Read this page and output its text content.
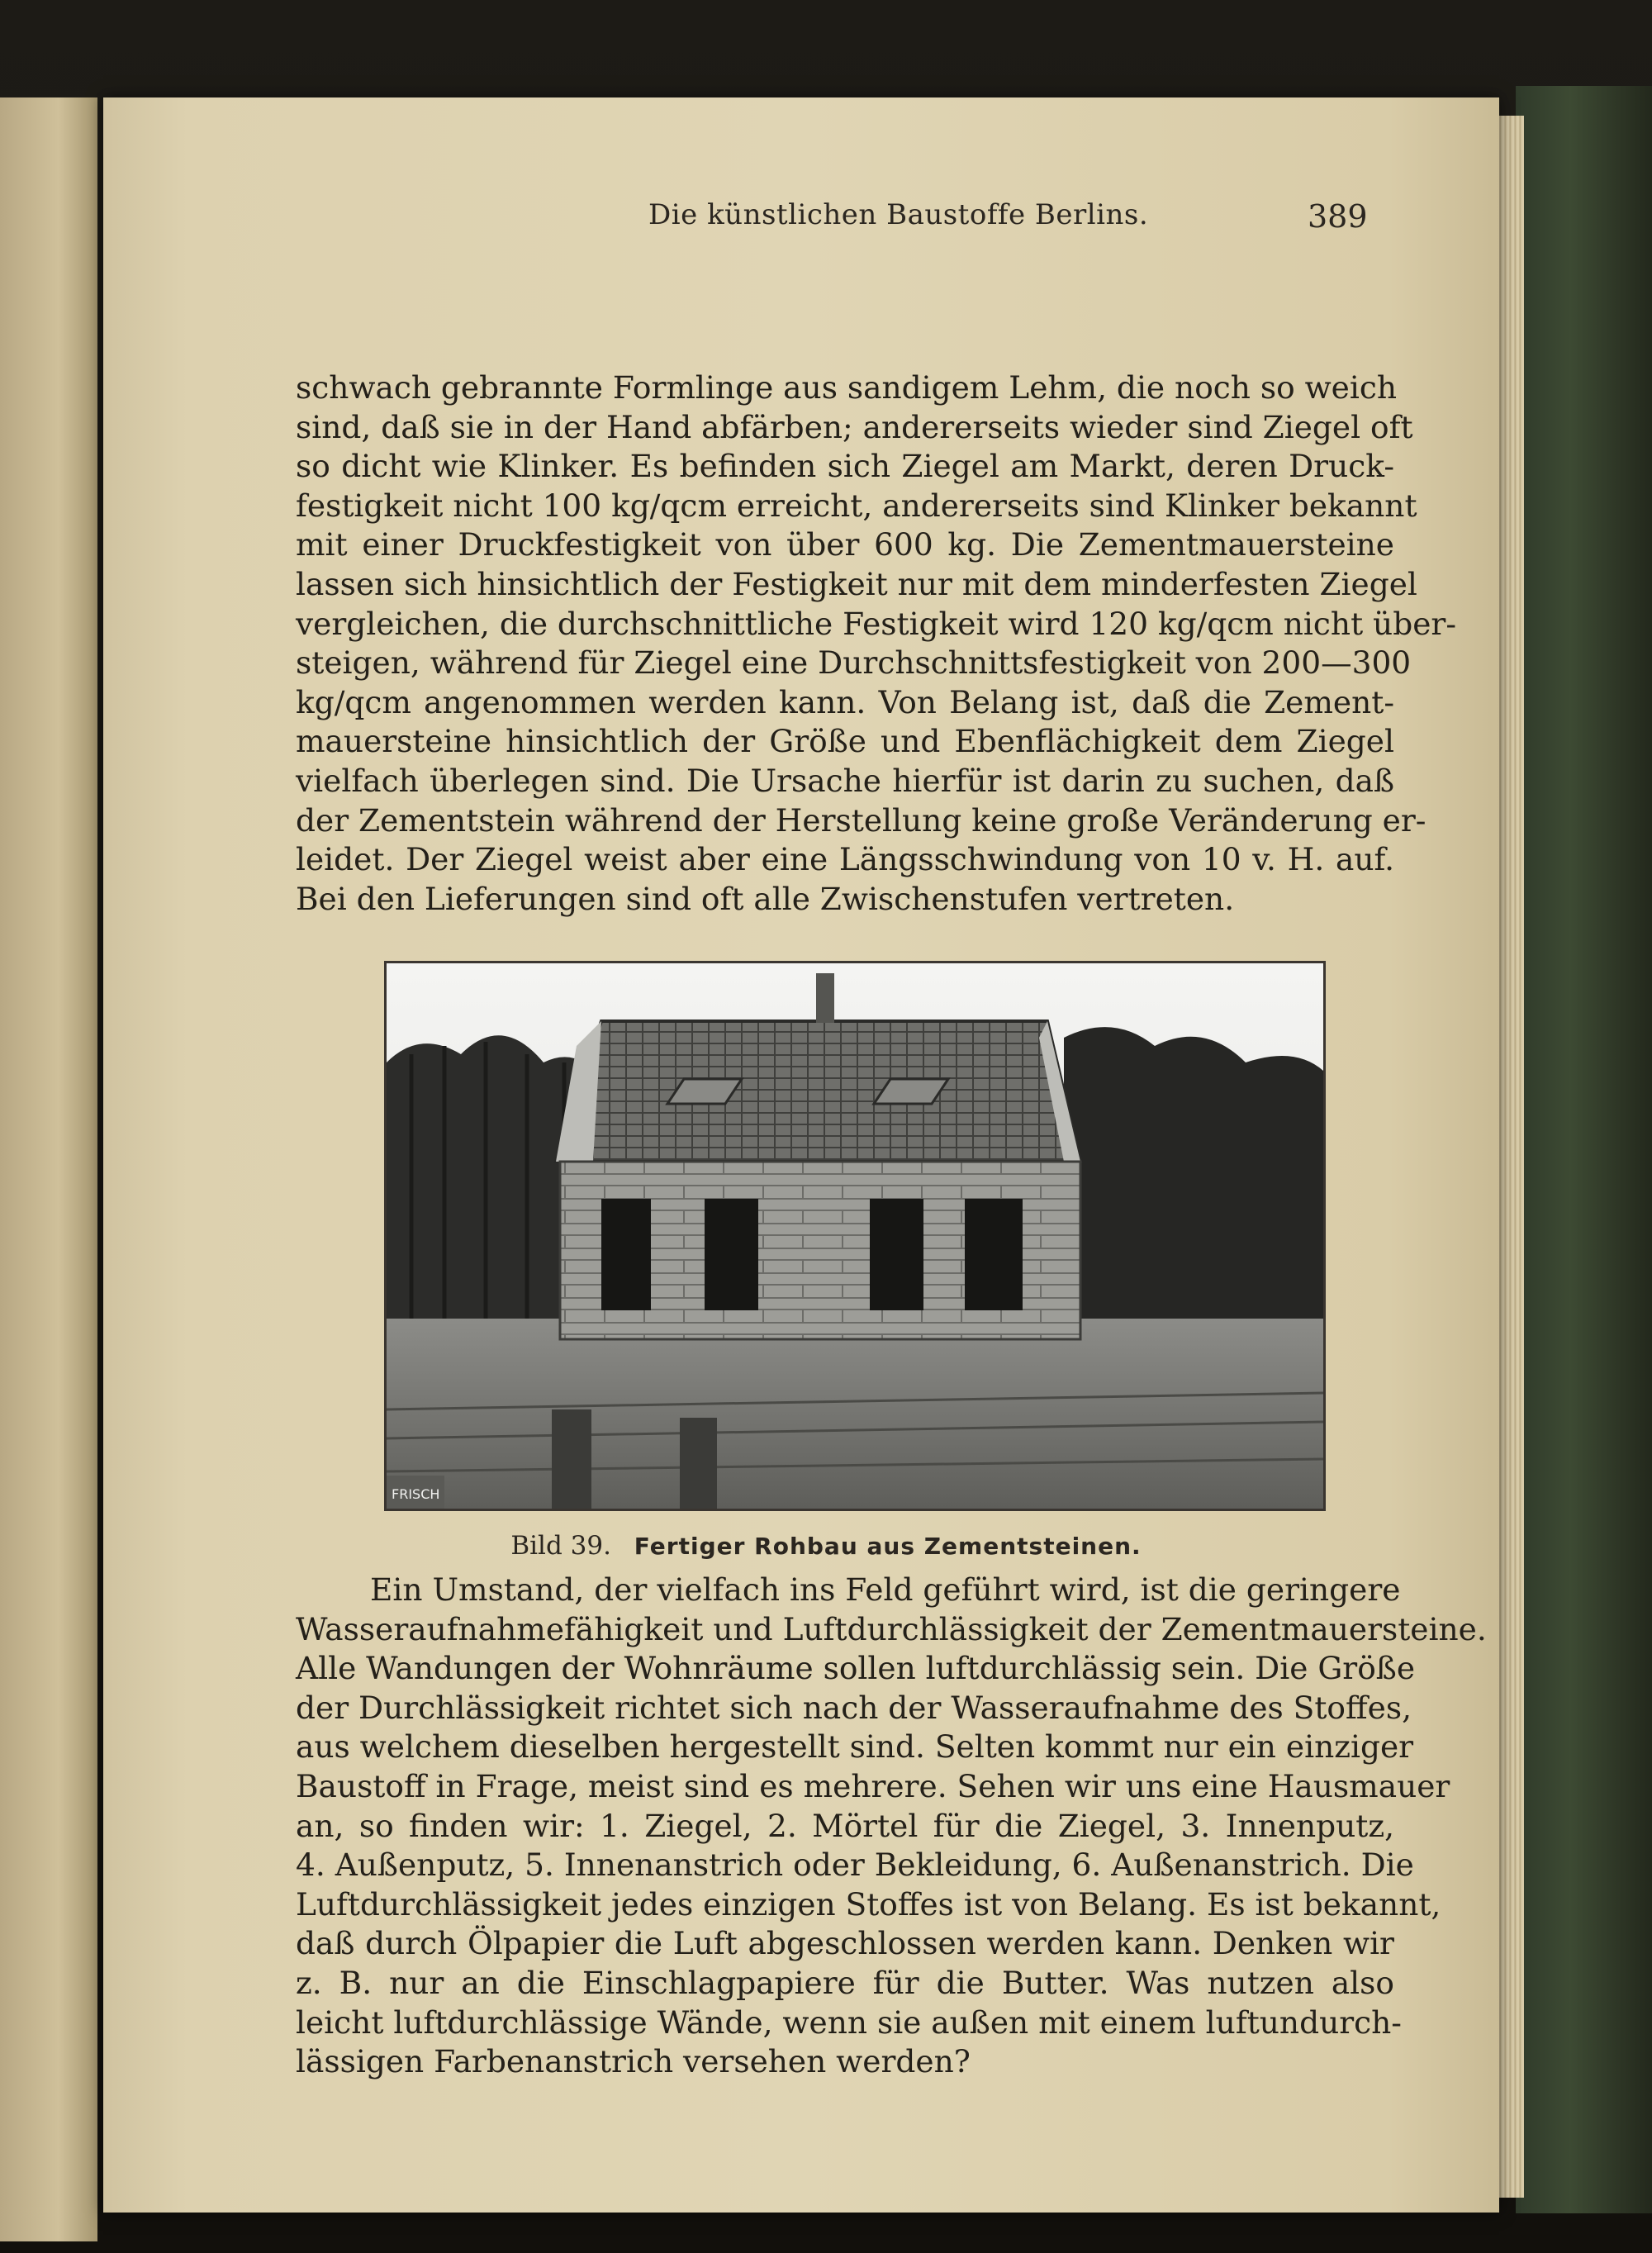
Die künstlichen Baustoffe Berlins.	389
schwach gebrannte Formlinge aus sandigem Lehm, die noch so weich
sind, daß sie in der Hand abfärben; andererseits wieder sind Ziegel oft
so dicht wie Klinker. Es befinden sich Ziegel am Markt, deren Druck-
festigkeit nicht 100 kg/qcm erreicht, andererseits sind Klinker bekannt
mit einer Druckfestigkeit von über 600 kg. Die Zementmauersteine
lassen sich hinsichtlich der Festigkeit nur mit dem minderfesten Ziegel
vergleichen, die durchschnittliche Festigkeit wird 120 kg/qcm nicht über-
steigen, während für Ziegel eine Durchschnittsfestigkeit von 200—300
kg/qcm angenommen werden kann. Von Belang ist, daß die Zement-
mauersteine hinsichtlich der Größe und Ebenflächigkeit dem Ziegel
vielfach überlegen sind. Die Ursache hierfür ist darin zu suchen, daß
der Zementstein während der Herstellung keine große Veränderung er-
leidet. Der Ziegel weist aber eine Längsschwindung von 10 v. H. auf.
Bei den Lieferungen sind oft alle Zwischenstufen vertreten.
FRISCH
Bild 39. Fertiger Rohbau aus Zementsteinen.
Ein Umstand, der vielfach ins Feld geführt wird, ist die geringere
Wasseraufnahmefähigkeit und Luftdurchlässigkeit der Zementmauersteine.
Alle Wandungen der Wohnräume sollen luftdurchlässig sein. Die Größe
der Durchlässigkeit richtet sich nach der Wasseraufnahme des Stoffes,
aus welchem dieselben hergestellt sind. Selten kommt nur ein einziger
Baustoff in Frage, meist sind es mehrere. Sehen wir uns eine Hausmauer
an, so finden wir: 1. Ziegel, 2. Mörtel für die Ziegel, 3. Innenputz,
4. Außenputz, 5. Innenanstrich oder Bekleidung, 6. Außenanstrich. Die
Luftdurchlässigkeit jedes einzigen Stoffes ist von Belang. Es ist bekannt,
daß durch Ölpapier die Luft abgeschlossen werden kann. Denken wir
z. B. nur an die Einschlagpapiere für die Butter. Was nutzen also
leicht luftdurchlässige Wände, wenn sie außen mit einem luftundurch-
lässigen Farbenanstrich versehen werden?
